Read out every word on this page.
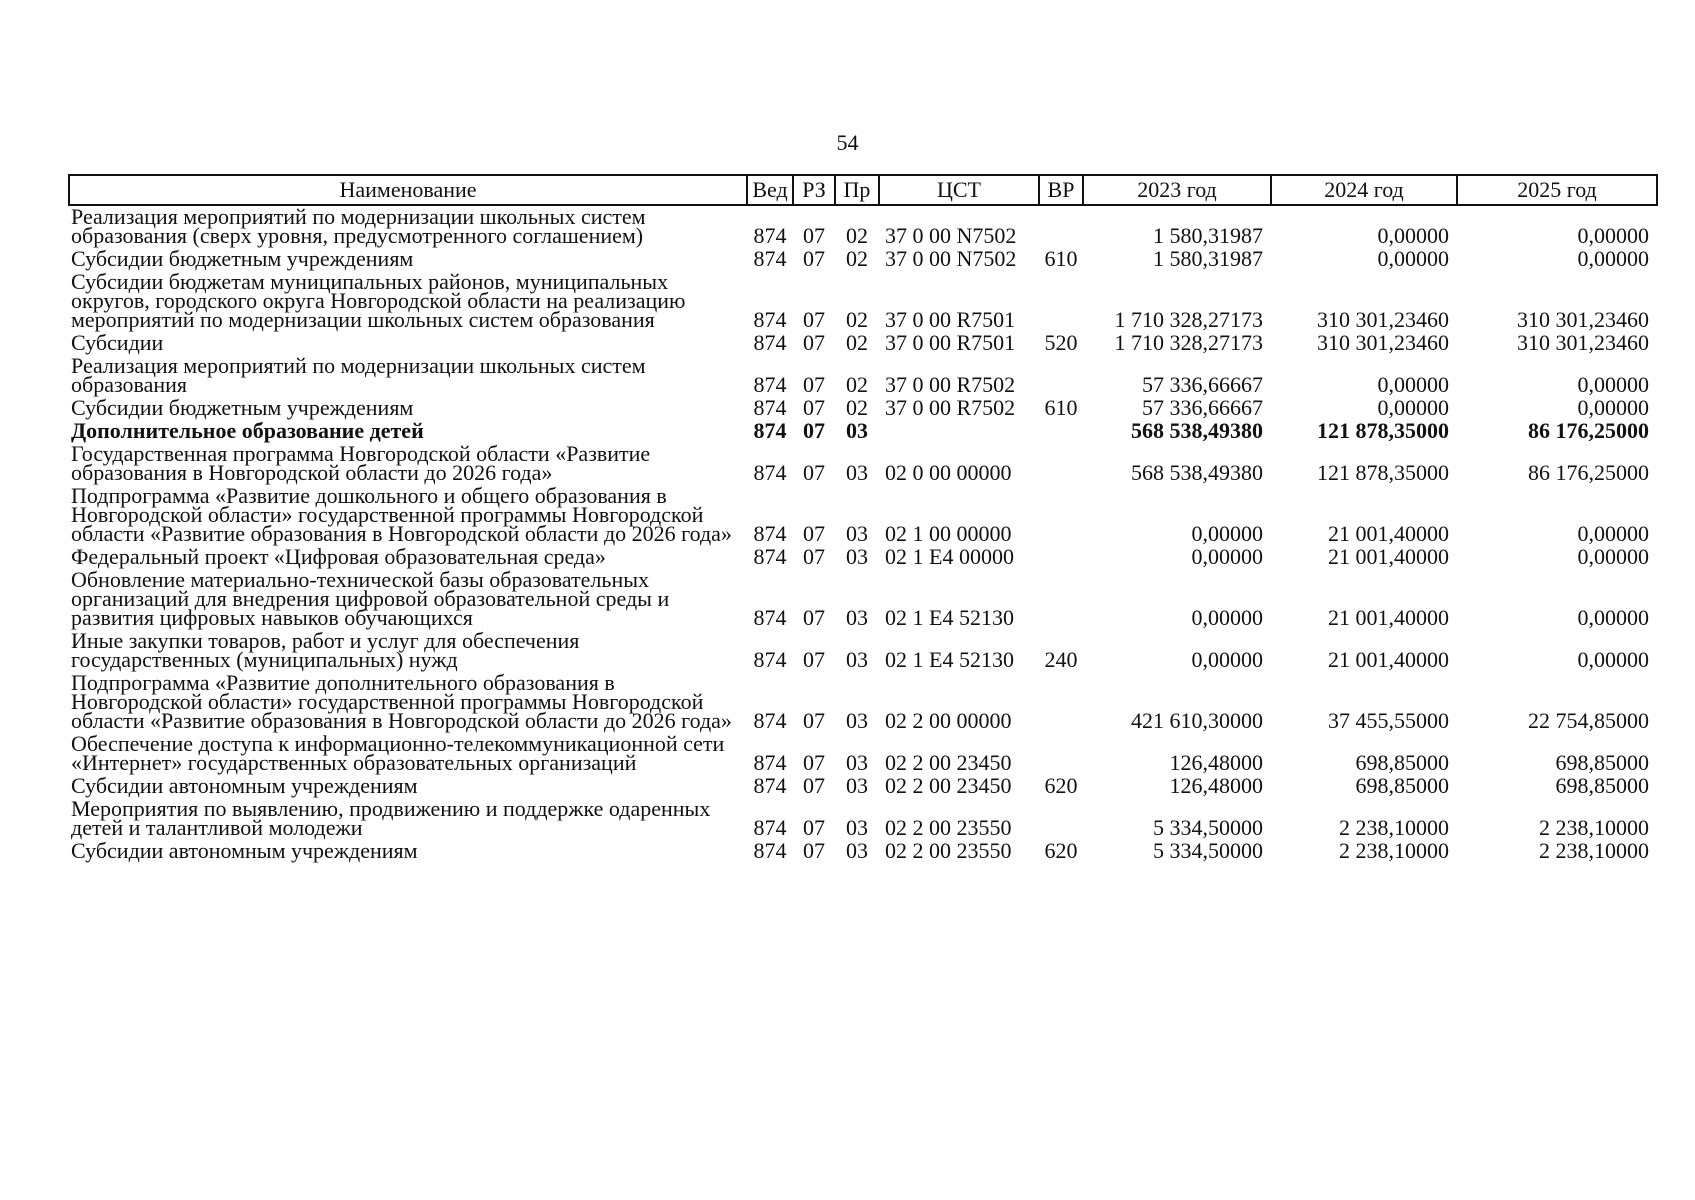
54
Наименование	Вед	РЗ	Пр	ЦСТ	ВР	2023 год	2024 год	2025 год
Реализация мероприятий по модернизации школьных систем образования (сверх уровня, предусмотренного соглашением)	874	07	02	37 0 00 N7502		1 580,31987	0,00000	0,00000
Субсидии бюджетным учреждениям	874	07	02	37 0 00 N7502	610	1 580,31987	0,00000	0,00000
Субсидии бюджетам муниципальных районов, муниципальных округов, городского округа Новгородской области на реализацию мероприятий по модернизации школьных систем образования	874	07	02	37 0 00 R7501		1 710 328,27173	310 301,23460	310 301,23460
Субсидии	874	07	02	37 0 00 R7501	520	1 710 328,27173	310 301,23460	310 301,23460
Реализация мероприятий по модернизации школьных систем образования	874	07	02	37 0 00 R7502		57 336,66667	0,00000	0,00000
Субсидии бюджетным учреждениям	874	07	02	37 0 00 R7502	610	57 336,66667	0,00000	0,00000
Дополнительное образование детей	874	07	03			568 538,49380	121 878,35000	86 176,25000
Государственная программа Новгородской области «Развитие образования в Новгородской области до 2026 года»	874	07	03	02 0 00 00000		568 538,49380	121 878,35000	86 176,25000
Подпрограмма «Развитие дошкольного и общего образования в Новгородской области» государственной программы Новгородской области «Развитие образования в Новгородской области до 2026 года»	874	07	03	02 1 00 00000		0,00000	21 001,40000	0,00000
Федеральный проект «Цифровая образовательная среда»	874	07	03	02 1 E4 00000		0,00000	21 001,40000	0,00000
Обновление материально-технической базы образовательных организаций для внедрения цифровой образовательной среды и развития цифровых навыков обучающихся	874	07	03	02 1 E4 52130		0,00000	21 001,40000	0,00000
Иные закупки товаров, работ и услуг для обеспечения государственных (муниципальных) нужд	874	07	03	02 1 E4 52130	240	0,00000	21 001,40000	0,00000
Подпрограмма «Развитие дополнительного образования в Новгородской области» государственной программы Новгородской области «Развитие образования в Новгородской области до 2026 года»	874	07	03	02 2 00 00000		421 610,30000	37 455,55000	22 754,85000
Обеспечение доступа к информационно-телекоммуникационной сети «Интернет» государственных образовательных организаций	874	07	03	02 2 00 23450		126,48000	698,85000	698,85000
Субсидии автономным учреждениям	874	07	03	02 2 00 23450	620	126,48000	698,85000	698,85000
Мероприятия по выявлению, продвижению и поддержке одаренных детей и талантливой молодежи	874	07	03	02 2 00 23550		5 334,50000	2 238,10000	2 238,10000
Субсидии автономным учреждениям	874	07	03	02 2 00 23550	620	5 334,50000	2 238,10000	2 238,10000
